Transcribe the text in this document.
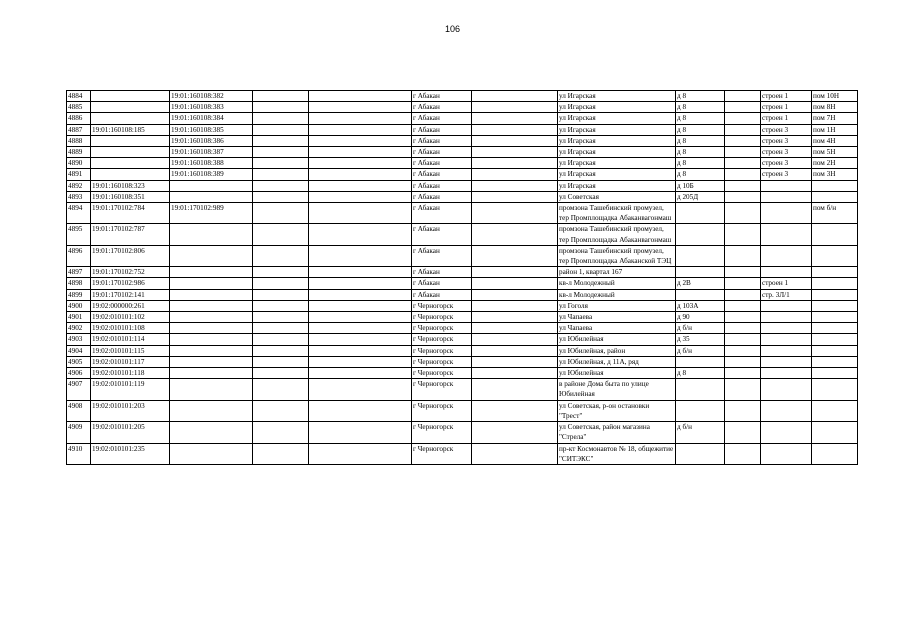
106
4884		19:01:160108:382			г Абакан		ул Игарская	д 8		строен 1	пом 10Н
4885		19:01:160108:383			г Абакан		ул Игарская	д 8		строен 1	пом 8Н
4886		19:01:160108:384			г Абакан		ул Игарская	д 8		строен 1	пом 7Н
4887	19:01:160108:185	19:01:160108:385			г Абакан		ул Игарская	д 8		строен 3	пом 1Н
4888		19:01:160108:386			г Абакан		ул Игарская	д 8		строен 3	пом 4Н
4889		19:01:160108:387			г Абакан		ул Игарская	д 8		строен 3	пом 5Н
4890		19:01:160108:388			г Абакан		ул Игарская	д 8		строен 3	пом 2Н
4891		19:01:160108:389			г Абакан		ул Игарская	д 8		строен 3	пом 3Н
4892	19:01:160108:323				г Абакан		ул Игарская	д 10Б			
4893	19:01:160108:351				г Абакан		ул Советская	д 205Д			
4894	19:01:170102:784	19:01:170102:989			г Абакан		промзона Ташебинский промузел, тер Промплощадка Абаканвагонмаш				пом б/н
4895	19:01:170102:787				г Абакан		промзона Ташебинский промузел, тер Промплощадка Абаканвагонмаш				
4896	19:01:170102:806				г Абакан		промзона Ташебинский промузел, тер Промплощадка Абаканской ТЭЦ				
4897	19:01:170102:752				г Абакан		район 1, квартал 167				
4898	19:01:170102:986				г Абакан		кв-л Молодежный	д 2В		строен 1	
4899	19:01:170102:141				г Абакан		кв-л Молодежный			стр. 3Л/1	
4900	19:02:000000:261				г Черногорск		ул Гоголя	д 103А			
4901	19:02:010101:102				г Черногорск		ул Чапаева	д 90			
4902	19:02:010101:108				г Черногорск		ул Чапаева	д б/н			
4903	19:02:010101:114				г Черногорск		ул Юбилейная	д 35			
4904	19:02:010101:115				г Черногорск		ул Юбилейная, район	д б/н			
4905	19:02:010101:117				г Черногорск		ул Юбилейная, д 11А, ряд				
4906	19:02:010101:118				г Черногорск		ул Юбилейная	д 8			
4907	19:02:010101:119				г Черногорск		в районе Дома быта по улице Юбилейная				
4908	19:02:010101:203				г Черногорск		ул Советская, р-он остановки "Трест"				
4909	19:02:010101:205				г Черногорск		ул Советская, район магазина "Стрела"	д б/н			
4910	19:02:010101:235				г Черногорск		пр-кт Космонавтов № 18, общежитие "СИТЭКС"				
